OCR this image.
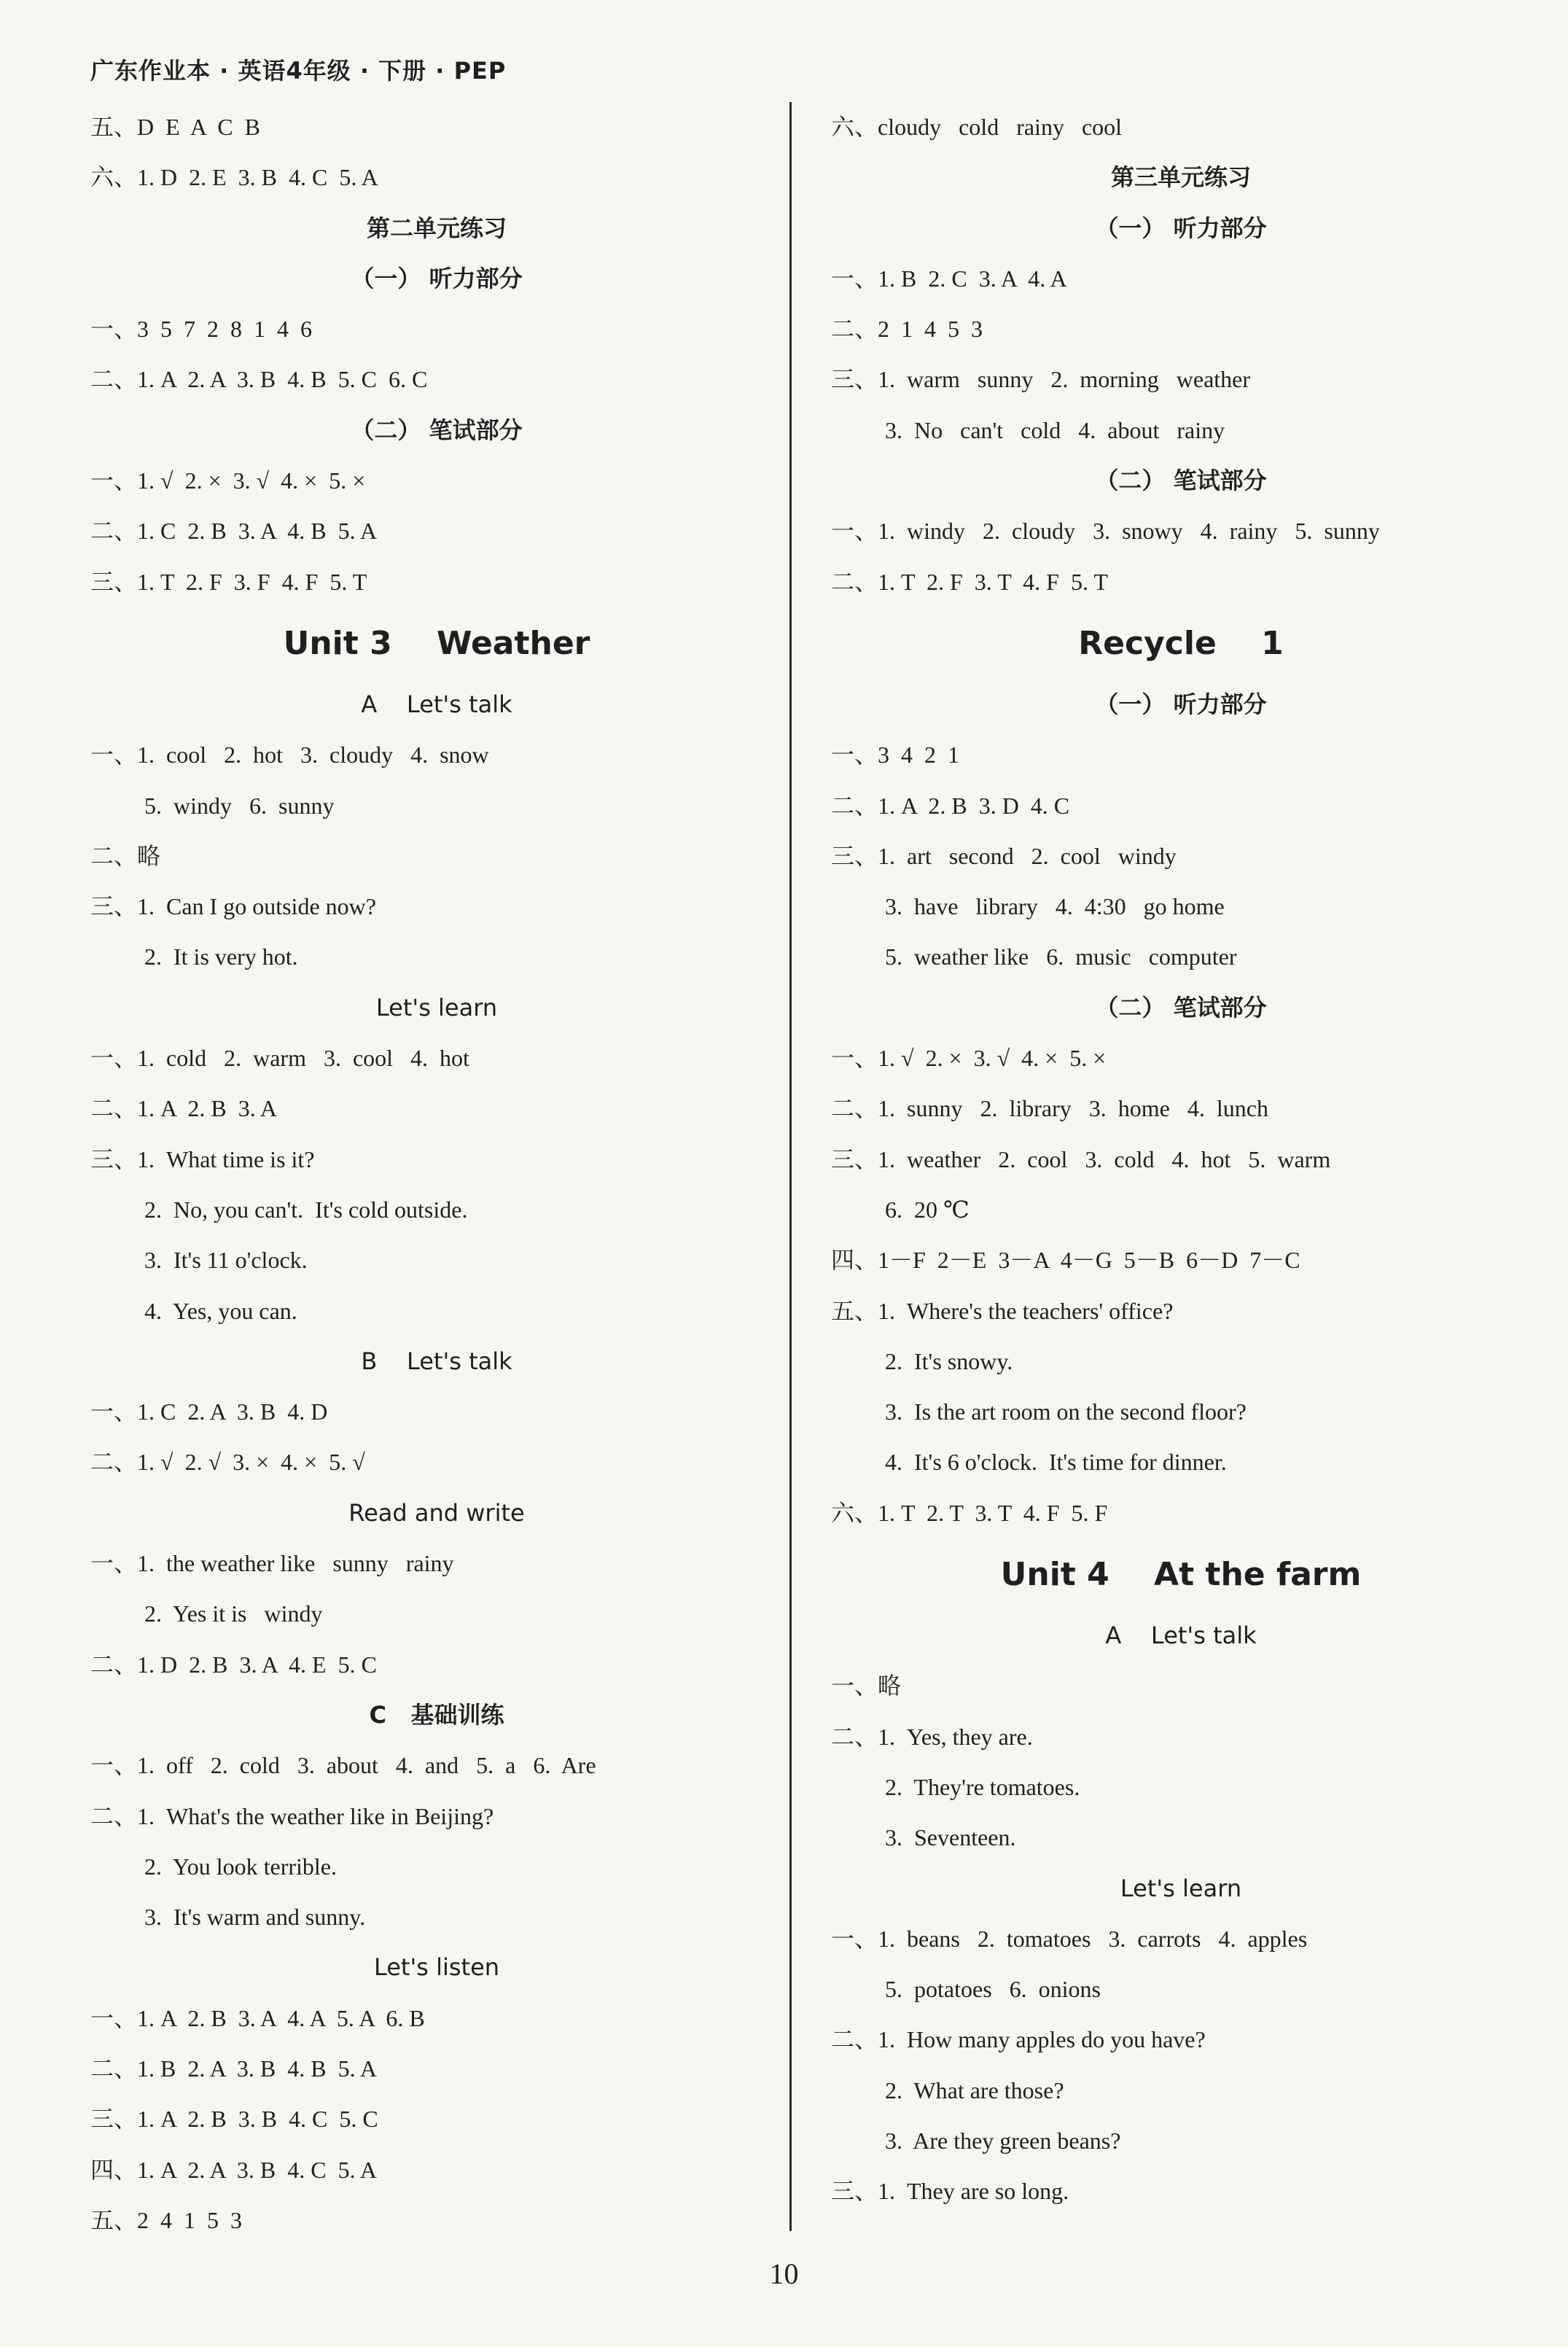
广东作业本 · 英语4年级 · 下册 · PEP
五、D  E  A  C  B
六、1. D  2. E  3. B  4. C  5. A
第二单元练习
（一） 听力部分
一、3  5  7  2  8  1  4  6
二、1. A  2. A  3. B  4. B  5. C  6. C
（二） 笔试部分
一、1. √  2. ×  3. √  4. ×  5. ×
二、1. C  2. B  3. A  4. B  5. A
三、1. T  2. F  3. F  4. F  5. T
Unit 3    Weather
A    Let's talk
一、1.  cool   2.  hot   3.  cloudy   4.  snow
5.  windy   6.  sunny
二、略
三、1.  Can I go outside now?
2.  It is very hot.
Let's learn
一、1.  cold   2.  warm   3.  cool   4.  hot
二、1. A  2. B  3. A
三、1.  What time is it?
2.  No, you can't.  It's cold outside.
3.  It's 11 o'clock.
4.  Yes, you can.
B    Let's talk
一、1. C  2. A  3. B  4. D
二、1. √  2. √  3. ×  4. ×  5. √
Read and write
一、1.  the weather like   sunny   rainy
2.  Yes it is   windy
二、1. D  2. B  3. A  4. E  5. C
C   基础训练
一、1.  off   2.  cold   3.  about   4.  and   5.  a   6.  Are
二、1.  What's the weather like in Beijing?
2.  You look terrible.
3.  It's warm and sunny.
Let's listen
一、1. A  2. B  3. A  4. A  5. A  6. B
二、1. B  2. A  3. B  4. B  5. A
三、1. A  2. B  3. B  4. C  5. C
四、1. A  2. A  3. B  4. C  5. A
五、2  4  1  5  3
六、cloudy   cold   rainy   cool
第三单元练习
（一） 听力部分
一、1. B  2. C  3. A  4. A
二、2  1  4  5  3
三、1.  warm   sunny   2.  morning   weather
3.  No   can't   cold   4.  about   rainy
（二） 笔试部分
一、1.  windy   2.  cloudy   3.  snowy   4.  rainy   5.  sunny
二、1. T  2. F  3. T  4. F  5. T
Recycle    1
（一） 听力部分
一、3  4  2  1
二、1. A  2. B  3. D  4. C
三、1.  art   second   2.  cool   windy
3.  have   library   4.  4:30   go home
5.  weather like   6.  music   computer
（二） 笔试部分
一、1. √  2. ×  3. √  4. ×  5. ×
二、1.  sunny   2.  library   3.  home   4.  lunch
三、1.  weather   2.  cool   3.  cold   4.  hot   5.  warm
6.  20 ℃
四、1－F  2－E  3－A  4－G  5－B  6－D  7－C
五、1.  Where's the teachers' office?
2.  It's snowy.
3.  Is the art room on the second floor?
4.  It's 6 o'clock.  It's time for dinner.
六、1. T  2. T  3. T  4. F  5. F
Unit 4    At the farm
A    Let's talk
一、略
二、1.  Yes, they are.
2.  They're tomatoes.
3.  Seventeen.
Let's learn
一、1.  beans   2.  tomatoes   3.  carrots   4.  apples
5.  potatoes   6.  onions
二、1.  How many apples do you have?
2.  What are those?
3.  Are they green beans?
三、1.  They are so long.
10
